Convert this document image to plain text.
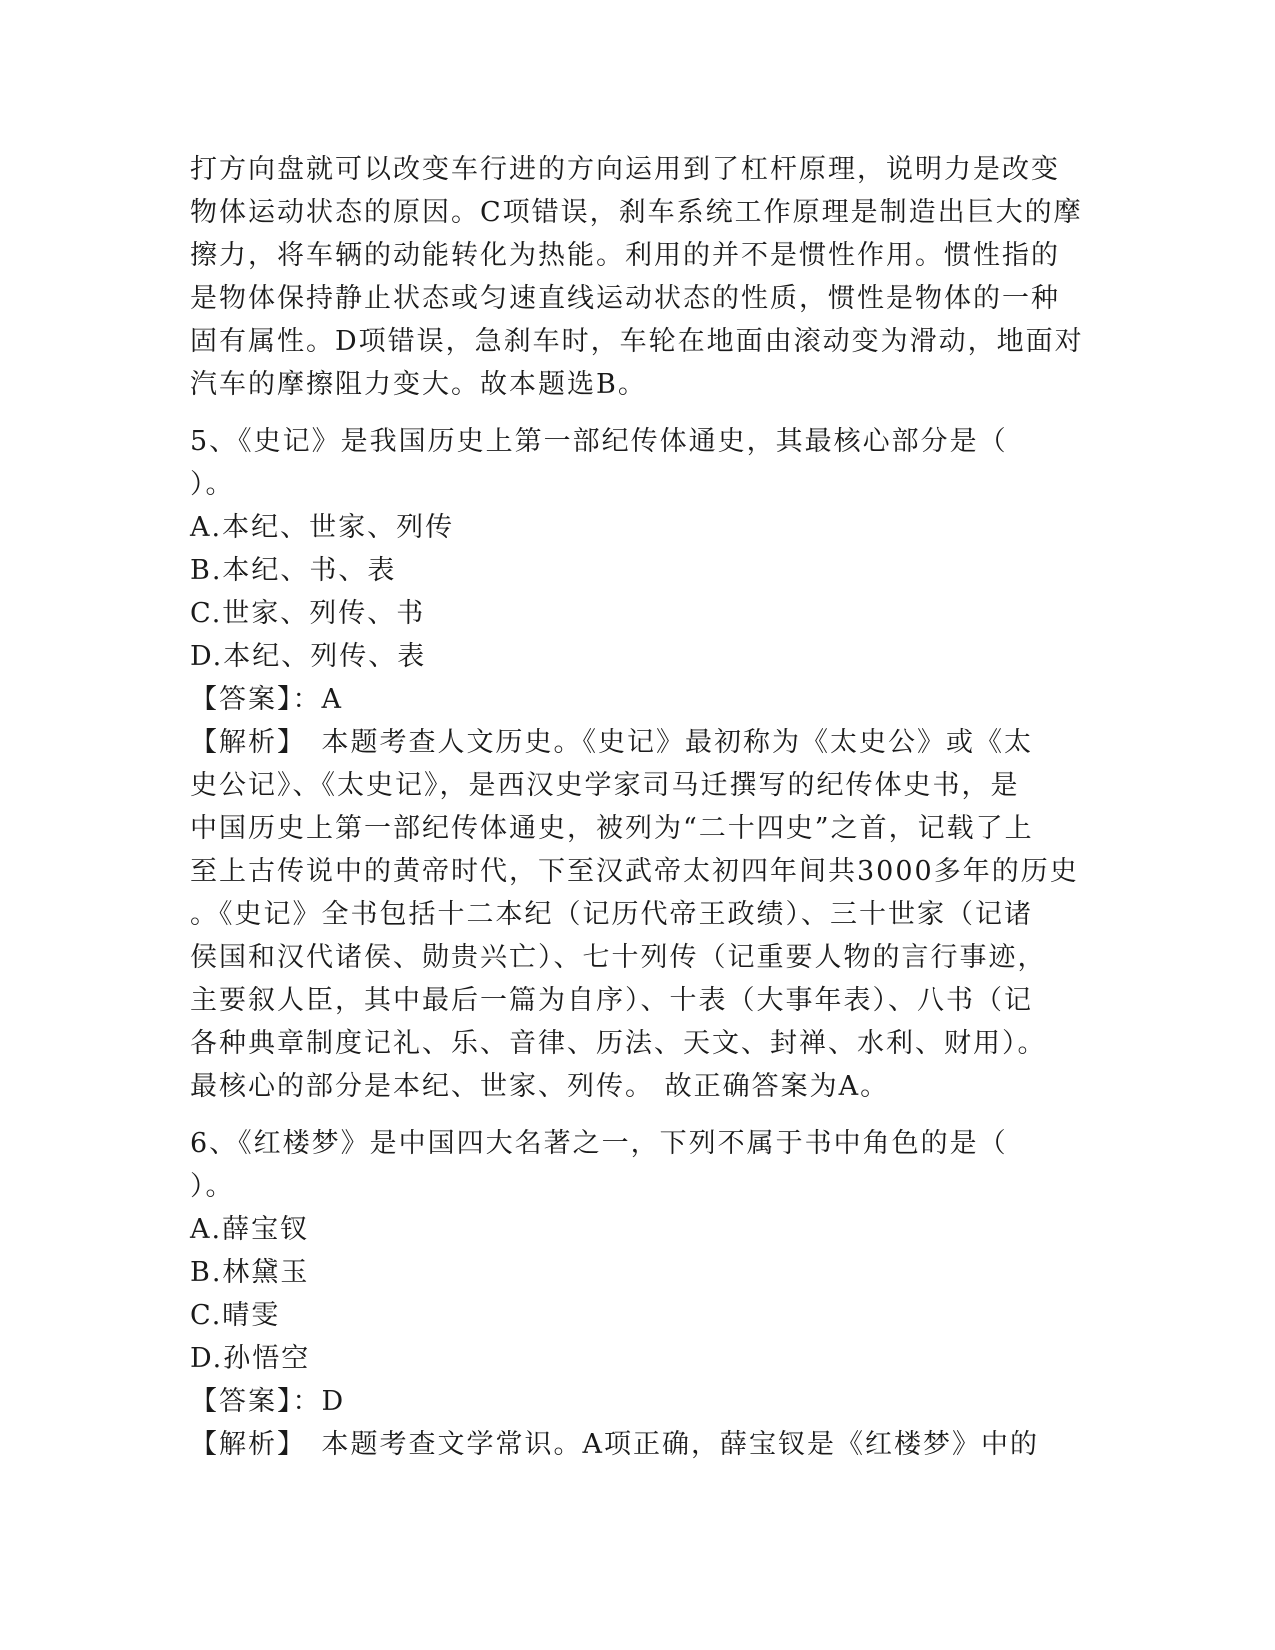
打方向盘就可以改变车行进的方向运用到了杠杆原理，说明力是改变
物体运动状态的原因。C项错误，刹车系统工作原理是制造出巨大的摩
擦力，将车辆的动能转化为热能。利用的并不是惯性作用。惯性指的
是物体保持静止状态或匀速直线运动状态的性质，惯性是物体的一种
固有属性。D项错误，急刹车时，车轮在地面由滚动变为滑动，地面对
汽车的摩擦阻力变大。故本题选B。
5、《史记》是我国历史上第一部纪传体通史，其最核心部分是（
）。
A.本纪、世家、列传
B.本纪、书、表
C.世家、列传、书
D.本纪、列传、表
【答案】：A
【解析】　本题考查人文历史。《史记》最初称为《太史公》或《太
史公记》、《太史记》，是西汉史学家司马迁撰写的纪传体史书，是
中国历史上第一部纪传体通史，被列为“二十四史”之首，记载了上
至上古传说中的黄帝时代，下至汉武帝太初四年间共3000多年的历史
。《史记》全书包括十二本纪（记历代帝王政绩）、三十世家（记诸
侯国和汉代诸侯、勋贵兴亡）、七十列传（记重要人物的言行事迹，
主要叙人臣，其中最后一篇为自序）、十表（大事年表）、八书（记
各种典章制度记礼、乐、音律、历法、天文、封禅、水利、财用）。
最核心的部分是本纪、世家、列传。 故正确答案为A。
6、《红楼梦》是中国四大名著之一，下列不属于书中角色的是（
）。
A.薛宝钗
B.林黛玉
C.晴雯
D.孙悟空
【答案】：D
【解析】　本题考查文学常识。A项正确，薛宝钗是《红楼梦》中的
